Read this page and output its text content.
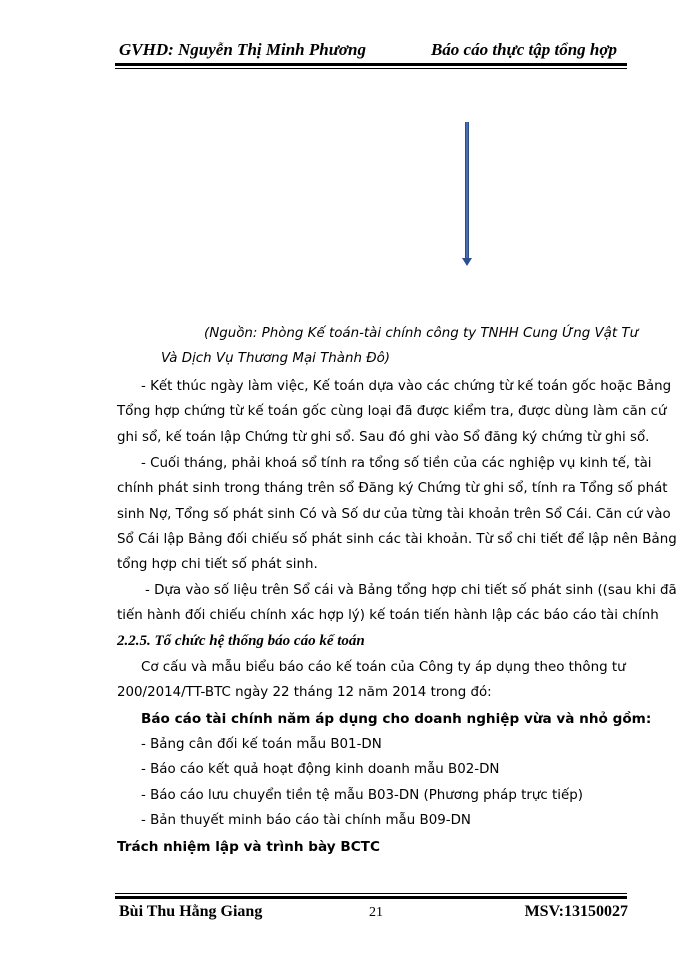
GVHD: Nguyễn Thị Minh Phương	Báo cáo thực tập tổng hợp
(Nguồn: Phòng Kế toán-tài chính công ty TNHH Cung Ứng Vật Tư
Và Dịch Vụ Thương Mại Thành Đô)
- Kết thúc ngày làm việc, Kế toán dựa vào các chứng từ kế toán gốc hoặc Bảng
Tổng hợp chứng từ kế toán gốc cùng loại đã được kiểm tra, được dùng làm căn cứ
ghi sổ, kế toán lập Chứng từ ghi sổ. Sau đó ghi vào Sổ đăng ký chứng từ ghi sổ.
- Cuối tháng, phải khoá sổ tính ra tổng số tiền của các nghiệp vụ kinh tế, tài
chính phát sinh trong tháng trên sổ Đăng ký Chứng từ ghi sổ, tính ra Tổng số phát
sinh Nợ, Tổng số phát sinh Có và Số dư của từng tài khoản trên Sổ Cái. Căn cứ vào
Sổ Cái lập Bảng đối chiếu số phát sinh các tài khoản. Từ sổ chi tiết để lập nên Bảng
tổng hợp chi tiết số phát sinh.
- Dựa vào số liệu trên Sổ cái và Bảng tổng hợp chi tiết số phát sinh ((sau khi đã
tiến hành đối chiếu chính xác hợp lý) kế toán tiến hành lập các báo cáo tài chính
2.2.5. Tổ chức hệ thống báo cáo kế toán
Cơ cấu và mẫu biểu báo cáo kế toán của Công ty áp dụng theo thông tư
200/2014/TT-BTC ngày 22 tháng 12 năm 2014 trong đó:
Báo cáo tài chính năm áp dụng cho doanh nghiệp vừa và nhỏ gồm:
- Bảng cân đối kế toán mẫu B01-DN
- Báo cáo kết quả hoạt động kinh doanh mẫu B02-DN
- Báo cáo lưu chuyển tiền tệ mẫu B03-DN (Phương pháp trực tiếp)
- Bản thuyết minh báo cáo tài chính mẫu B09-DN
Trách nhiệm lập và trình bày BCTC
Bùi Thu Hằng Giang	21	MSV:13150027
